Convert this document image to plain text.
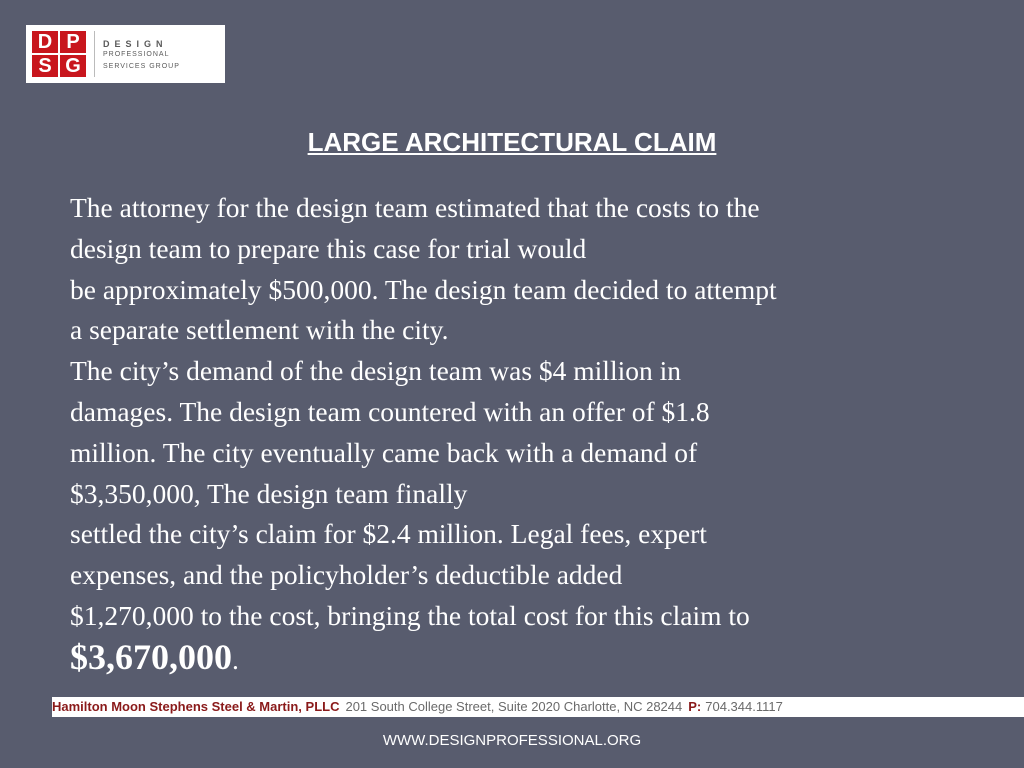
D P
S G
DESIGN
PROFESSIONAL
SERVICES GROUP
LARGE ARCHITECTURAL CLAIM
The attorney for the design team estimated that the costs to the
design team to prepare this case for trial would
be approximately $500,000. The design team decided to attempt
a separate settlement with the city.
The city’s demand of the design team was $4 million in
damages. The design team countered with an offer of $1.8
million. The city eventually came back with a demand of
$3,350,000, The design team finally
settled the city’s claim for $2.4 million. Legal fees, expert
expenses, and the policyholder’s deductible added
$1,270,000 to the cost, bringing the total cost for this claim to
$3,670,000.
Hamilton Moon Stephens Steel & Martin, PLLC 201 South College Street, Suite 2020 Charlotte, NC 28244 P: 704.344.1117
WWW.DESIGNPROFESSIONAL.ORG
